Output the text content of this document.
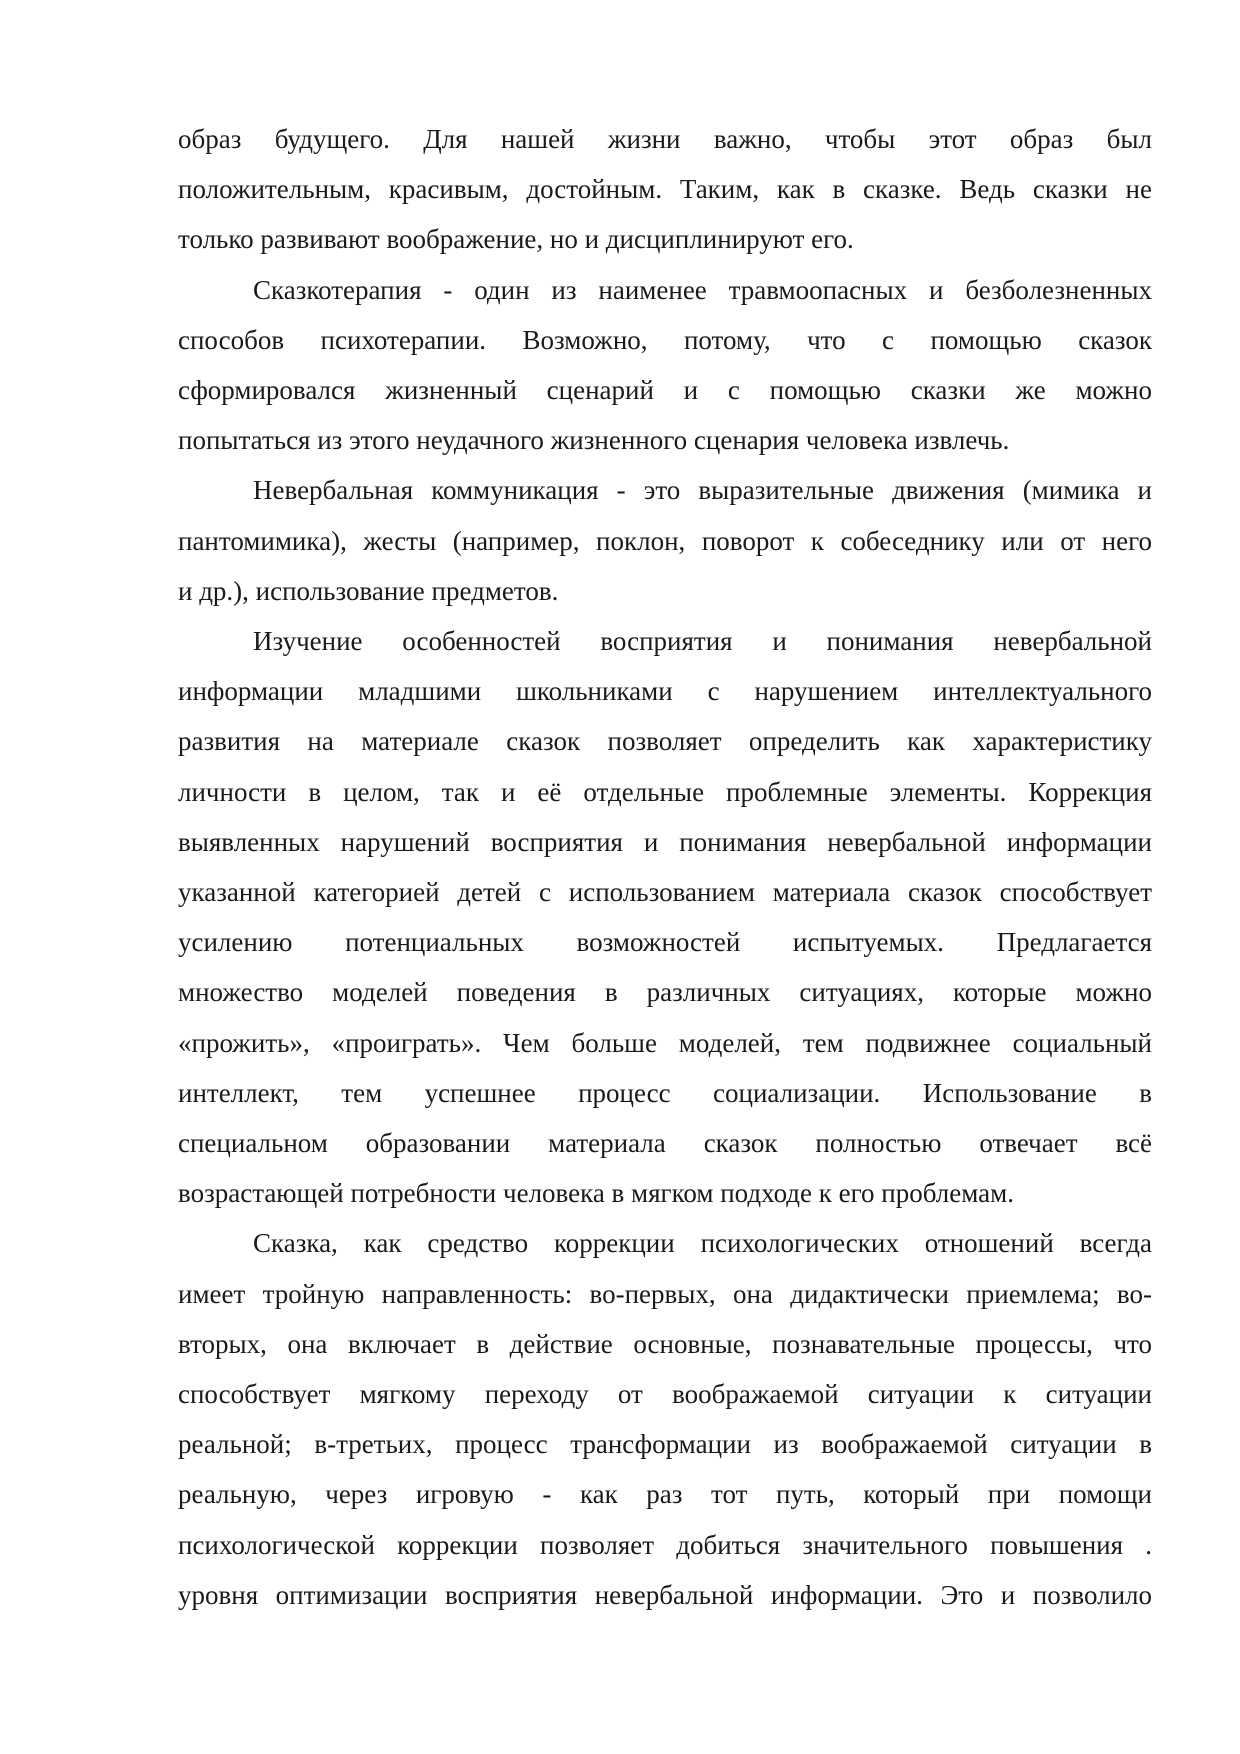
образ будущего. Для нашей жизни важно, чтобы этот образ был
положительным, красивым, достойным. Таким, как в сказке. Ведь сказки не
только развивают воображение, но и дисциплинируют его.

Сказкотерапия - один из наименее травмоопасных и безболезненных
способов психотерапии. Возможно, потому, что с помощью сказок
сформировался жизненный сценарий и с помощью сказки же можно
попытаться из этого неудачного жизненного сценария человека извлечь.

Невербальная коммуникация - это выразительные движения (мимика и
пантомимика), жесты (например, поклон, поворот к собеседнику или от него
и др.), использование предметов.

Изучение особенностей восприятия и понимания невербальной
информации младшими школьниками с нарушением интеллектуального
развития на материале сказок позволяет определить как характеристику
личности в целом, так и её отдельные проблемные элементы. Коррекция
выявленных нарушений восприятия и понимания невербальной информации
указанной категорией детей с использованием материала сказок способствует
усилению потенциальных возможностей испытуемых. Предлагается
множество моделей поведения в различных ситуациях, которые можно
«прожить», «проиграть». Чем больше моделей, тем подвижнее социальный
интеллект, тем успешнее процесс социализации. Использование в
специальном образовании материала сказок полностью отвечает всё
возрастающей потребности человека в мягком подходе к его проблемам.

Сказка, как средство коррекции психологических отношений всегда
имеет тройную направленность: во-первых, она дидактически приемлема; во-
вторых, она включает в действие основные, познавательные процессы, что
способствует мягкому переходу от воображаемой ситуации к ситуации
реальной; в-третьих, процесс трансформации из воображаемой ситуации в
реальную, через игровую - как раз тот путь, который при помощи
психологической коррекции позволяет добиться значительного повышения .
уровня оптимизации восприятия невербальной информации. Это и позволило
